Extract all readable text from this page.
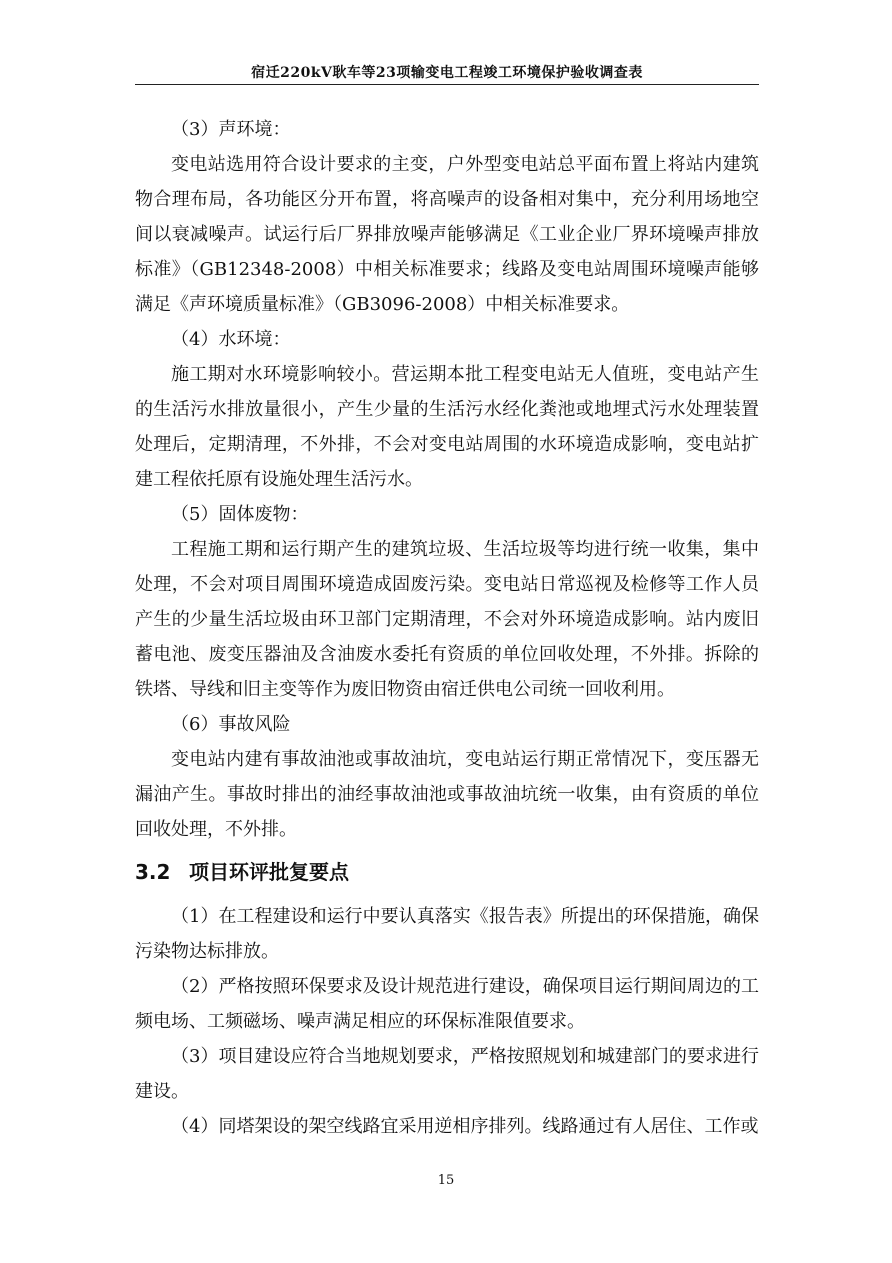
宿迁220kV耿车等23项输变电工程竣工环境保护验收调查表

（3）声环境：

变电站选用符合设计要求的主变，户外型变电站总平面布置上将站内建筑物合理布局，各功能区分开布置，将高噪声的设备相对集中，充分利用场地空间以衰减噪声。试运行后厂界排放噪声能够满足《工业企业厂界环境噪声排放标准》（GB12348-2008）中相关标准要求；线路及变电站周围环境噪声能够满足《声环境质量标准》（GB3096-2008）中相关标准要求。

（4）水环境：

施工期对水环境影响较小。营运期本批工程变电站无人值班，变电站产生的生活污水排放量很小，产生少量的生活污水经化粪池或地埋式污水处理装置处理后，定期清理，不外排，不会对变电站周围的水环境造成影响，变电站扩建工程依托原有设施处理生活污水。

（5）固体废物：

工程施工期和运行期产生的建筑垃圾、生活垃圾等均进行统一收集，集中处理，不会对项目周围环境造成固废污染。变电站日常巡视及检修等工作人员产生的少量生活垃圾由环卫部门定期清理，不会对外环境造成影响。站内废旧蓄电池、废变压器油及含油废水委托有资质的单位回收处理，不外排。拆除的铁塔、导线和旧主变等作为废旧物资由宿迁供电公司统一回收利用。

（6）事故风险

变电站内建有事故油池或事故油坑，变电站运行期正常情况下，变压器无漏油产生。事故时排出的油经事故油池或事故油坑统一收集，由有资质的单位回收处理，不外排。

3.2 项目环评批复要点

（1）在工程建设和运行中要认真落实《报告表》所提出的环保措施，确保污染物达标排放。

（2）严格按照环保要求及设计规范进行建设，确保项目运行期间周边的工频电场、工频磁场、噪声满足相应的环保标准限值要求。

（3）项目建设应符合当地规划要求，严格按照规划和城建部门的要求进行建设。

（4）同塔架设的架空线路宜采用逆相序排列。线路通过有人居住、工作或

15
